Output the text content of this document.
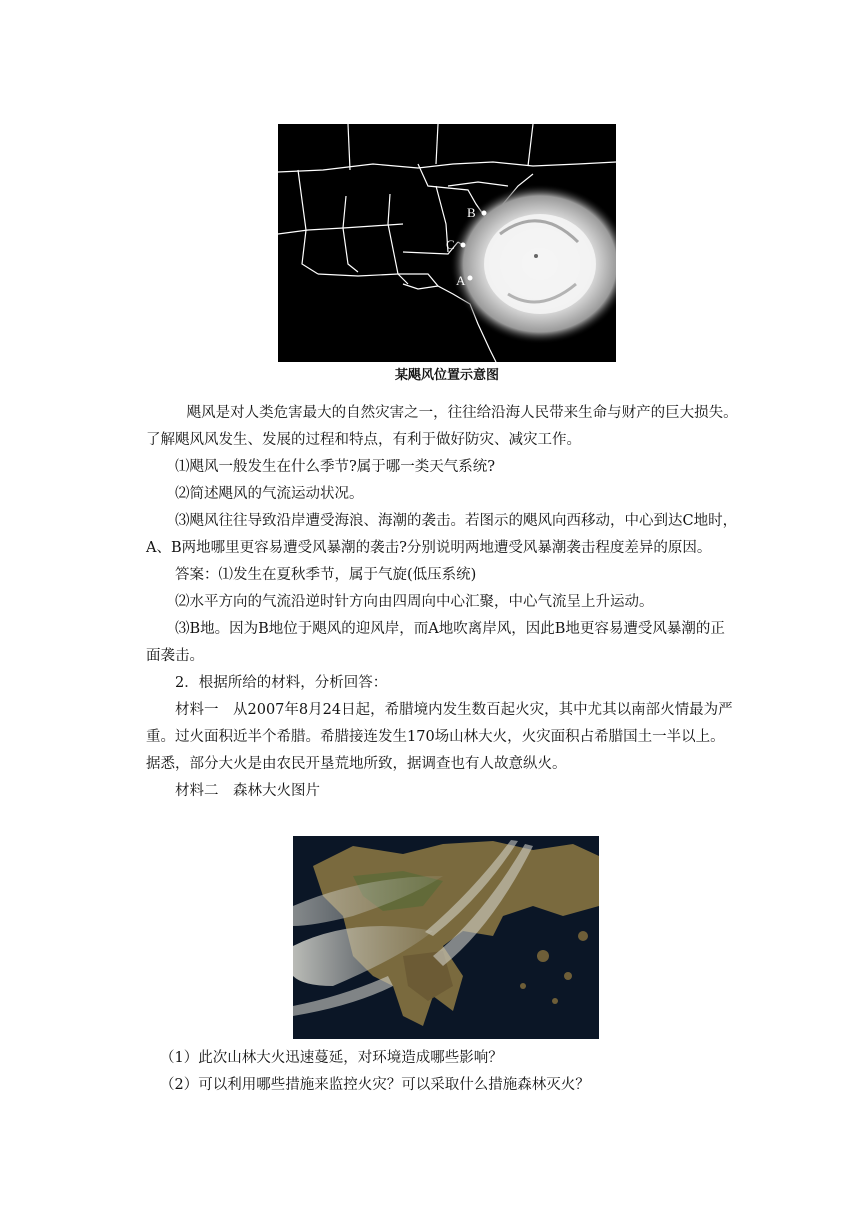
B
C
A
某飓风位置示意图

飓风是对人类危害最大的自然灾害之一，往往给沿海人民带来生命与财产的巨大损失。了解飓风风发生、发展的过程和特点，有利于做好防灾、减灾工作。

⑴飓风一般发生在什么季节?属于哪一类天气系统?

⑵简述飓风的气流运动状况。

⑶飓风往往导致沿岸遭受海浪、海潮的袭击。若图示的飓风向西移动，中心到达C地时，A、B两地哪里更容易遭受风暴潮的袭击?分别说明两地遭受风暴潮袭击程度差异的原因。

答案：⑴发生在夏秋季节，属于气旋(低压系统)

⑵水平方向的气流沿逆时针方向由四周向中心汇聚，中心气流呈上升运动。

⑶B地。因为B地位于飓风的迎风岸，而A地吹离岸风，因此B地更容易遭受风暴潮的正面袭击。

2．根据所给的材料，分析回答：

材料一　从2007年8月24日起，希腊境内发生数百起火灾，其中尤其以南部火情最为严重。过火面积近半个希腊。希腊接连发生170场山林大火，火灾面积占希腊国土一半以上。据悉，部分大火是由农民开垦荒地所致，据调查也有人故意纵火。

材料二　森林大火图片

（1）此次山林大火迅速蔓延，对环境造成哪些影响？
（2）可以利用哪些措施来监控火灾？可以采取什么措施森林灭火？
